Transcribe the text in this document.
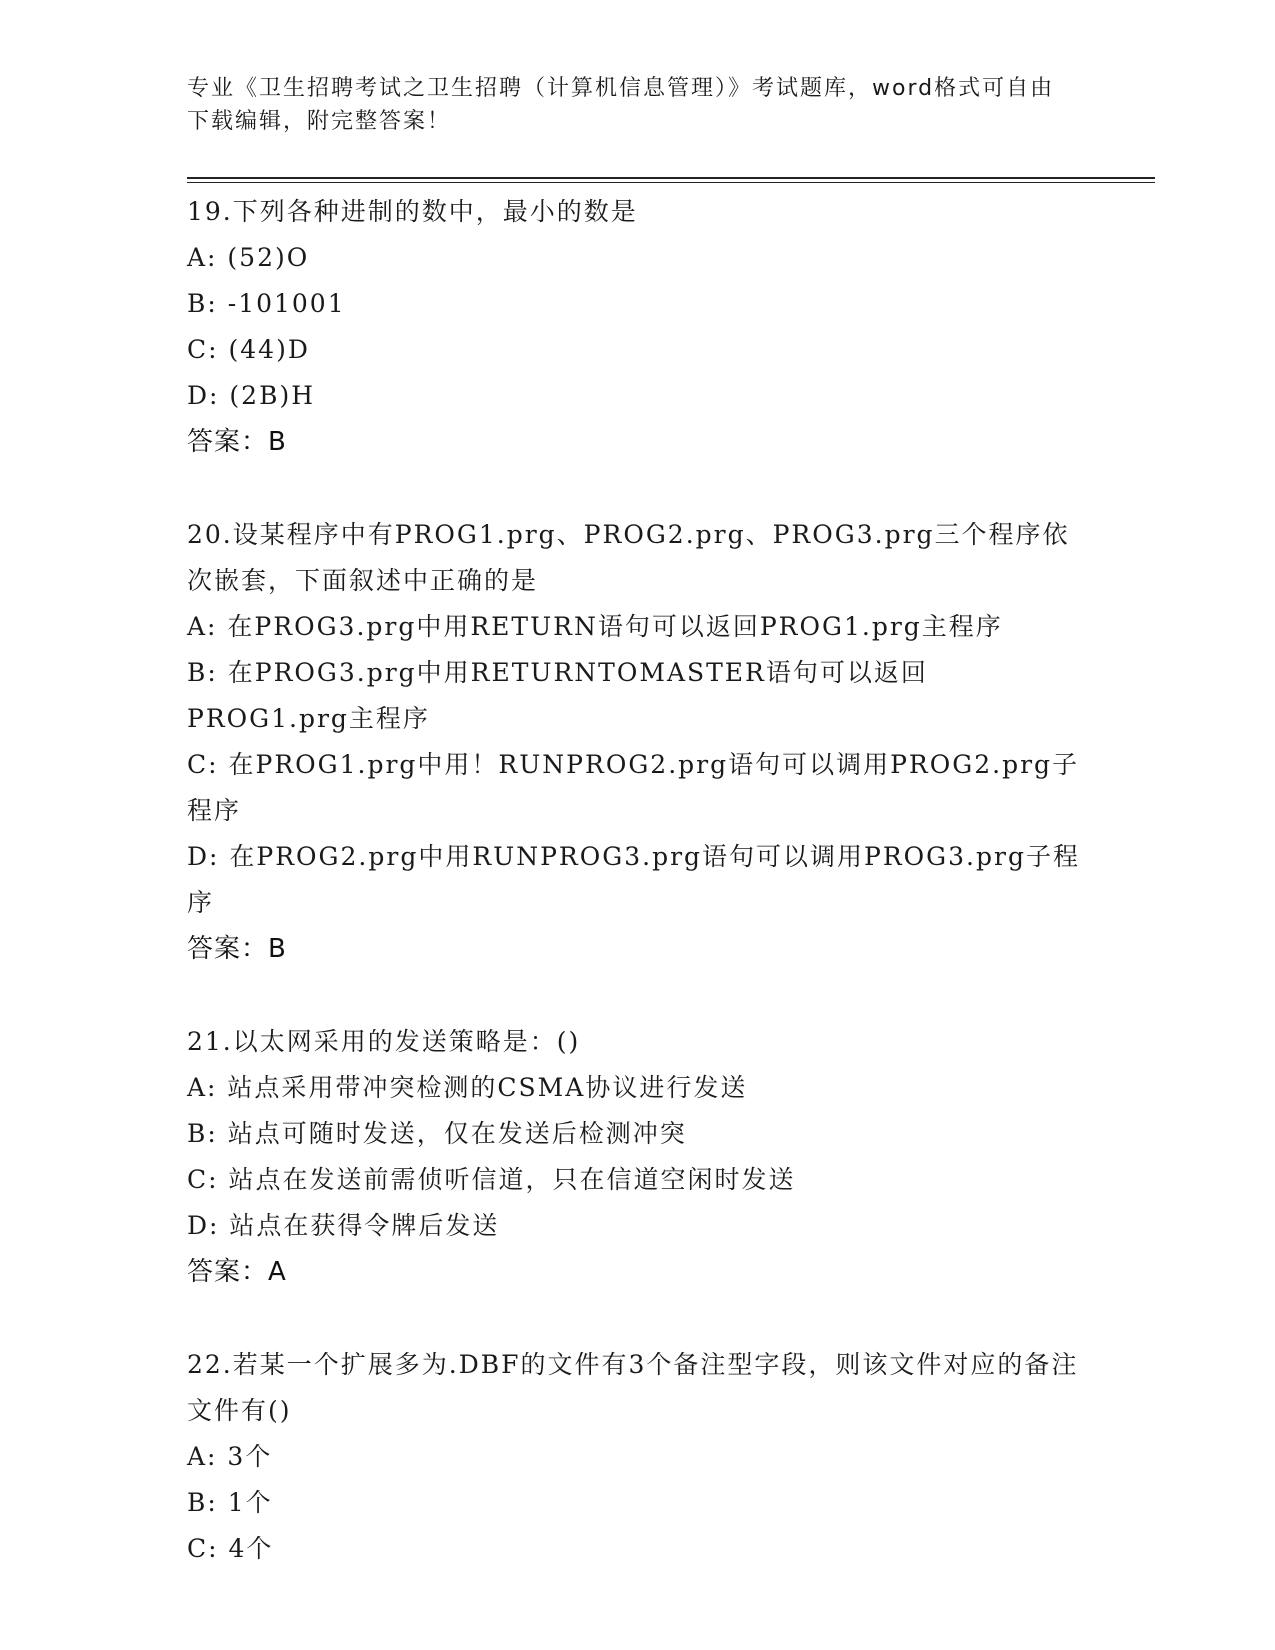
专业《卫生招聘考试之卫生招聘（计算机信息管理）》考试题库，word格式可自由下载编辑，附完整答案！
19.下列各种进制的数中，最小的数是
A: (52)O
B: -101001
C: (44)D
D: (2B)H
答案：B
20.设某程序中有PROG1.prg、PROG2.prg、PROG3.prg三个程序依次嵌套，下面叙述中正确的是
A: 在PROG3.prg中用RETURN语句可以返回PROG1.prg主程序
B: 在PROG3.prg中用RETURNTOMASTER语句可以返回PROG1.prg主程序
C: 在PROG1.prg中用！RUNPROG2.prg语句可以调用PROG2.prg子程序
D: 在PROG2.prg中用RUNPROG3.prg语句可以调用PROG3.prg子程序
答案：B
21.以太网采用的发送策略是：()
A: 站点采用带冲突检测的CSMA协议进行发送
B: 站点可随时发送，仅在发送后检测冲突
C: 站点在发送前需侦听信道，只在信道空闲时发送
D: 站点在获得令牌后发送
答案：A
22.若某一个扩展多为.DBF的文件有3个备注型字段，则该文件对应的备注文件有()
A: 3个
B: 1个
C: 4个
